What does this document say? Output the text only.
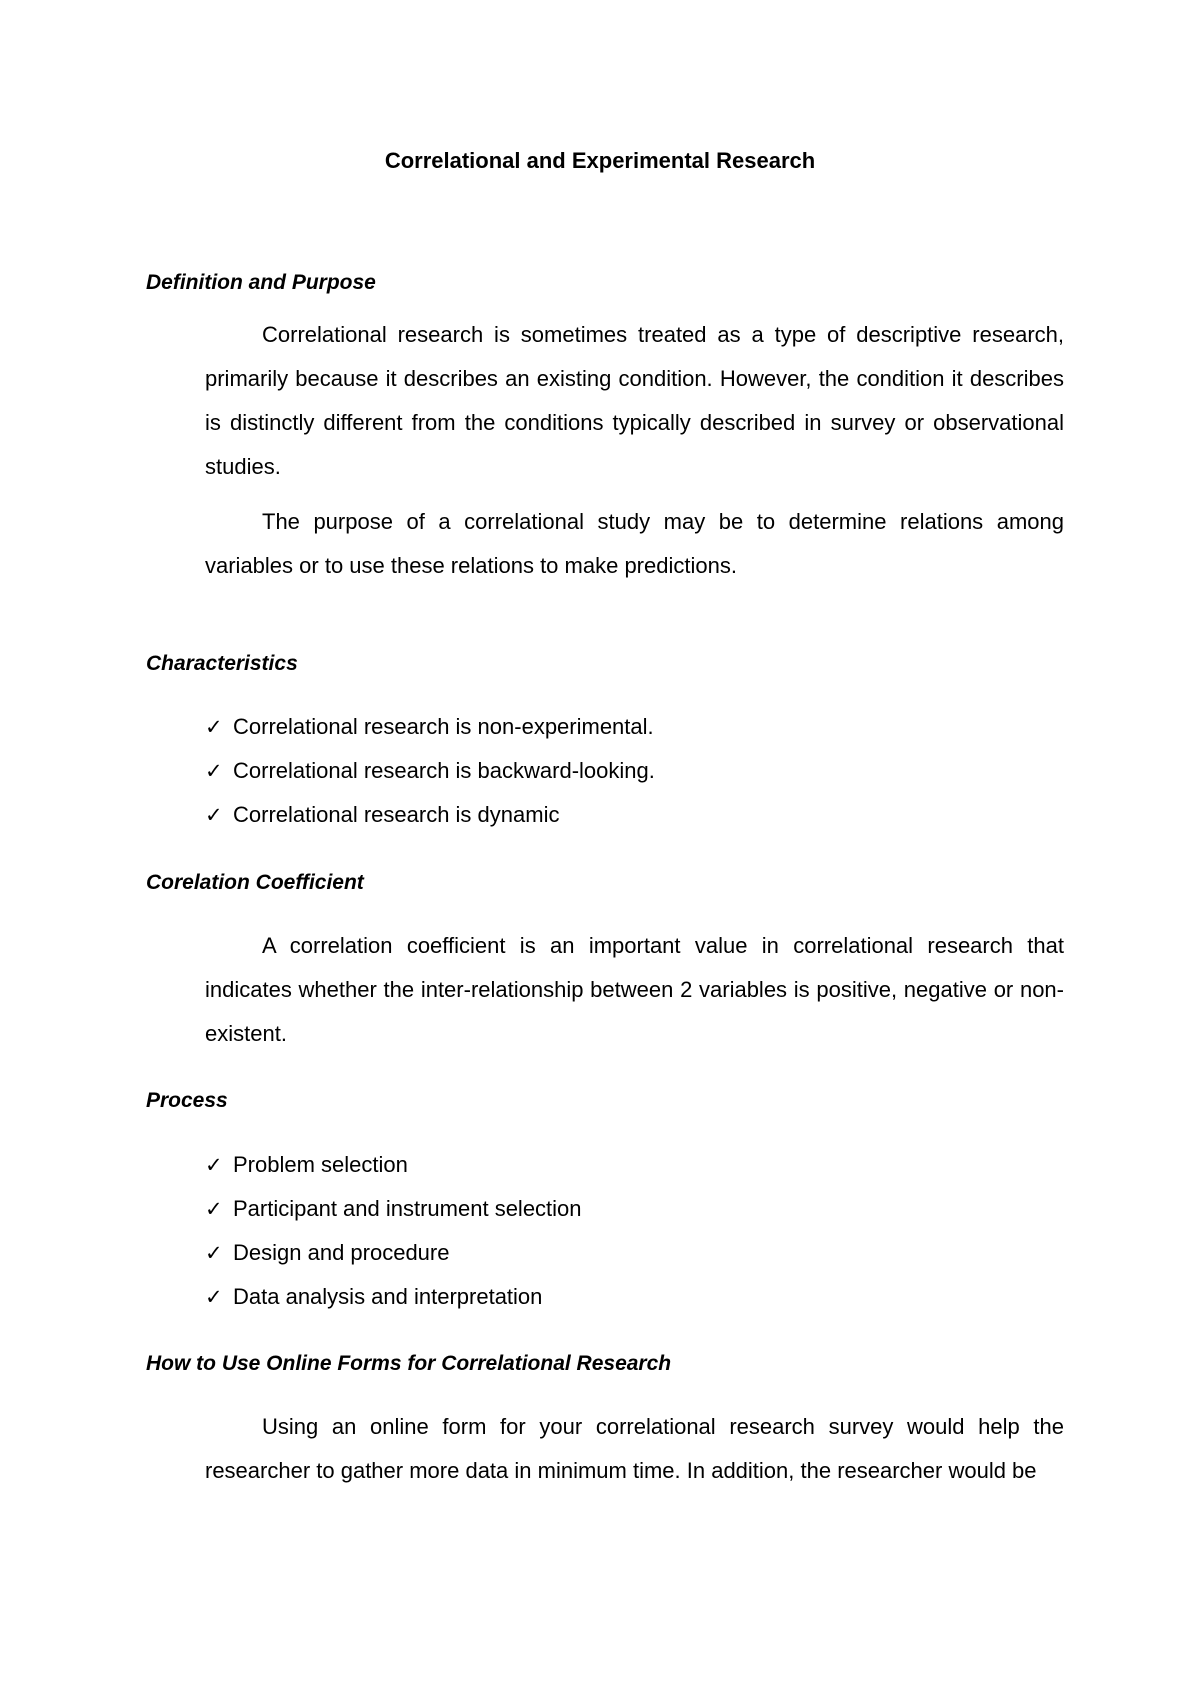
Correlational and Experimental Research
Definition and Purpose

Correlational research is sometimes treated as a type of descriptive research, primarily because it describes an existing condition. However, the condition it describes is distinctly different from the conditions typically described in survey or observational studies.

The purpose of a correlational study may be to determine relations among variables or to use these relations to make predictions.

Characteristics
✓ Correlational research is non-experimental.
✓ Correlational research is backward-looking.
✓ Correlational research is dynamic
Corelation Coefficient

A correlation coefficient is an important value in correlational research that indicates whether the inter-relationship between 2 variables is positive, negative or non-existent.

Process
✓ Problem selection
✓ Participant and instrument selection
✓ Design and procedure
✓ Data analysis and interpretation
How to Use Online Forms for Correlational Research

Using an online form for your correlational research survey would help the researcher to gather more data in minimum time. In addition, the researcher would be
